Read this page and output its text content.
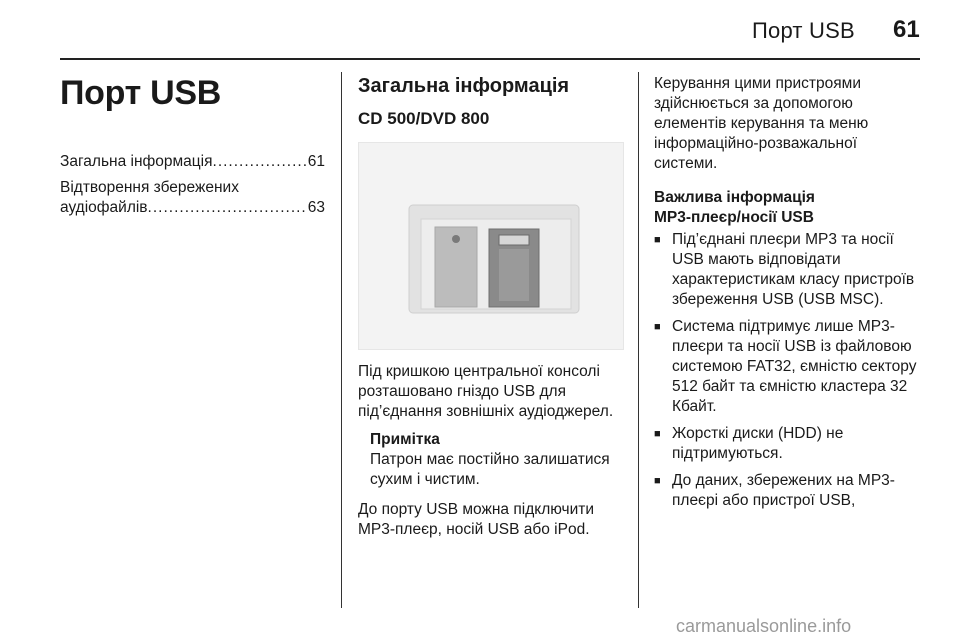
Порт USB 61
Порт USB
Загальна інформація .....	61
Відтворення збережених
аудіофайлів .....	63
Загальна інформація
CD 500/DVD 800
Під кришкою центральної консолі розташовано гніздо USB для під’єднання зовнішніх аудіоджерел.
Примітка
Патрон має постійно залишатися сухим і чистим.
До порту USB можна підключити MP3-плеєр, носій USB або iPod.
Керування цими пристроями здійснюється за допомогою елементів керування та меню інформаційно-розважальної системи.
Важлива інформація
MP3-плеєр/носії USB
■ Під’єднані плеєри MP3 та носії USB мають відповідати характеристикам класу пристроїв збереження USB (USB MSC).
■ Система підтримує лише MP3-плеєри та носії USB із файловою системою FAT32, ємністю сектору 512 байт та ємністю кластера 32 Кбайт.
■ Жорсткі диски (HDD) не підтримуються.
■ До даних, збережених на MP3-плеєрі або пристрої USB,
carmanualsonline.info
